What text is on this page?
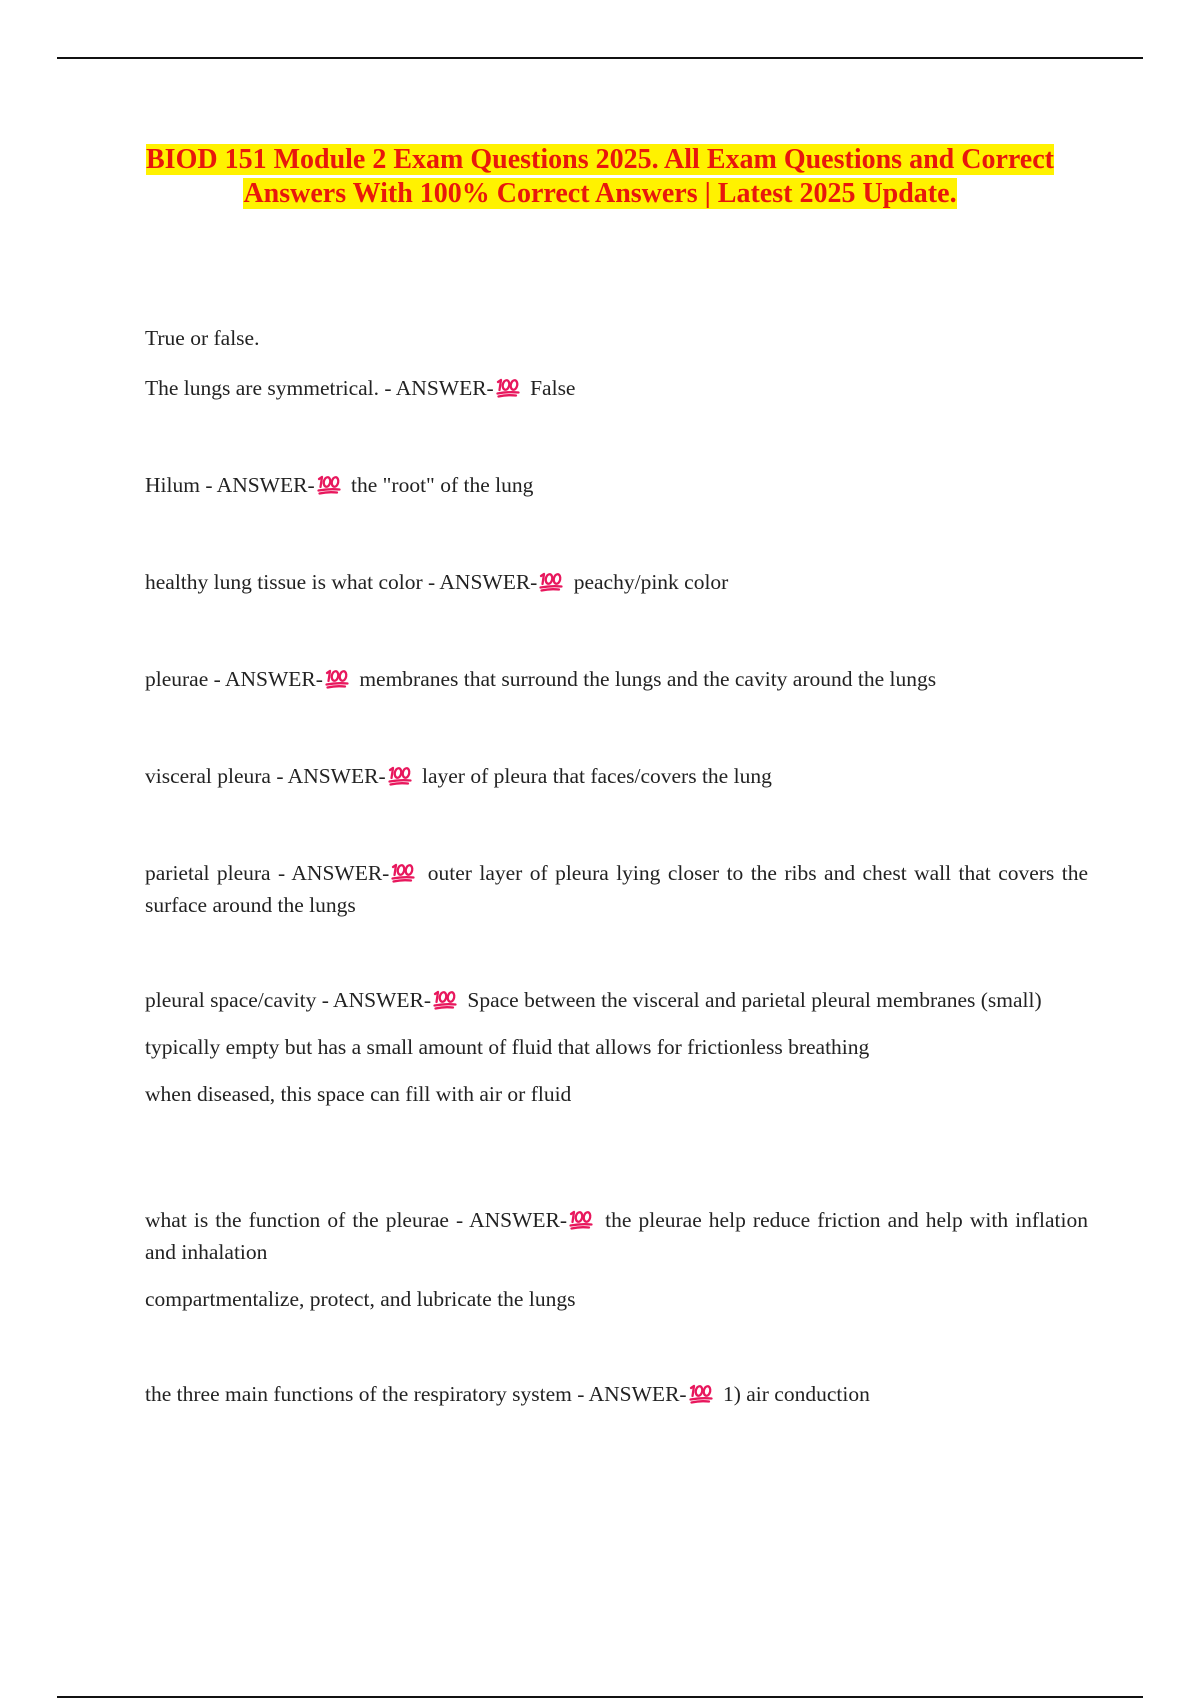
BIOD 151 Module 2 Exam Questions 2025. All Exam Questions and Correct
Answers With 100% Correct Answers | Latest 2025 Update.

True or false.

The lungs are symmetrical. - ANSWER- False

Hilum - ANSWER- the "root" of the lung

healthy lung tissue is what color - ANSWER- peachy/pink color

pleurae - ANSWER- membranes that surround the lungs and the cavity around the lungs

visceral pleura - ANSWER- layer of pleura that faces/covers the lung

parietal pleura - ANSWER- outer layer of pleura lying closer to the ribs and chest wall that covers the surface around the lungs

pleural space/cavity - ANSWER- Space between the visceral and parietal pleural membranes (small)

typically empty but has a small amount of fluid that allows for frictionless breathing

when diseased, this space can fill with air or fluid

what is the function of the pleurae - ANSWER- the pleurae help reduce friction and help with inflation and inhalation

compartmentalize, protect, and lubricate the lungs

the three main functions of the respiratory system - ANSWER- 1) air conduction
